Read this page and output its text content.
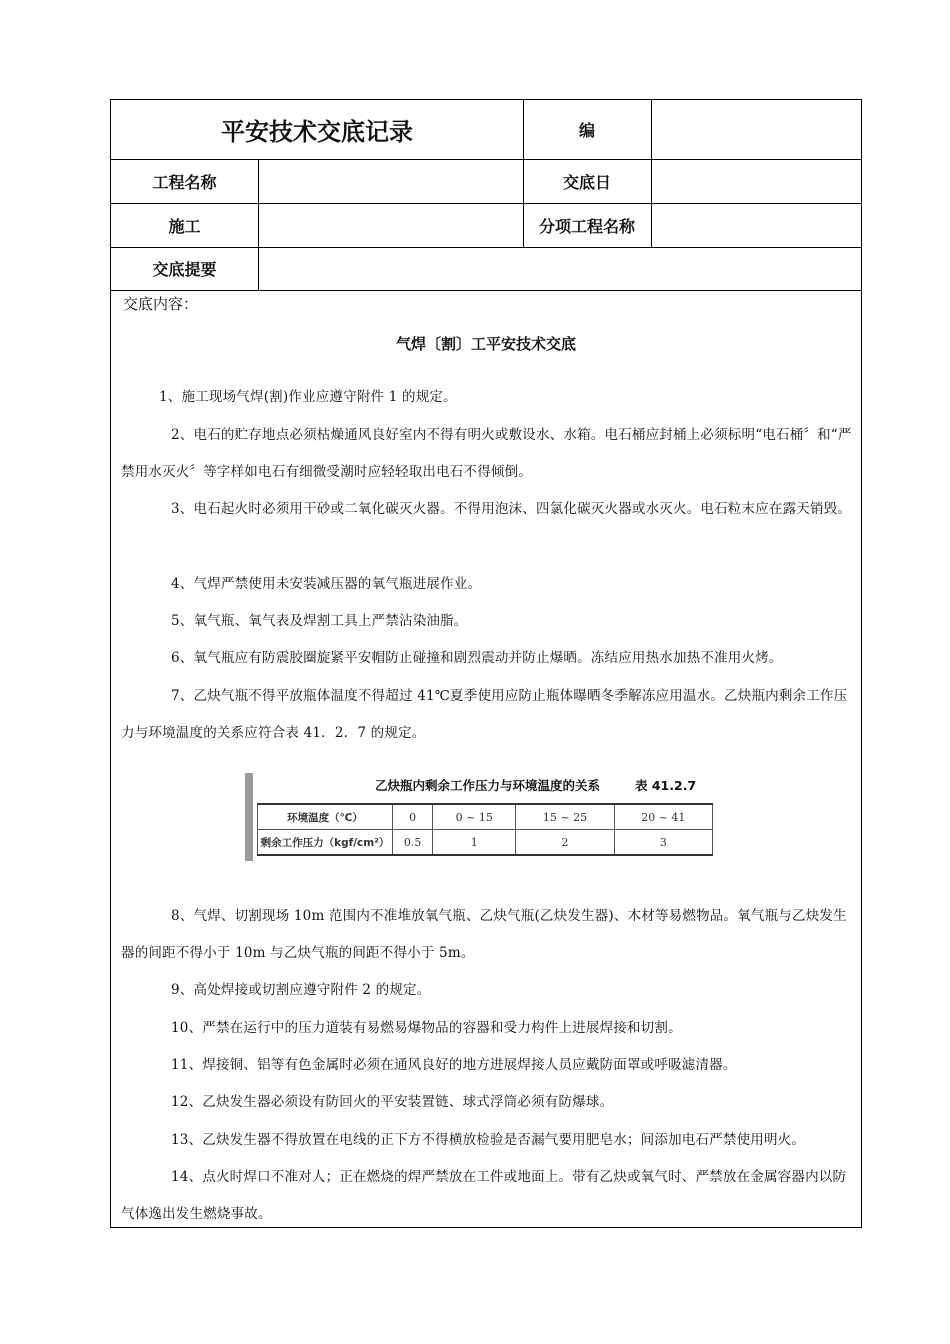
平安技术交底记录	编
工程名称	交底日
施工	分项工程名称
交底提要
交底内容：
气焊〔割〕工平安技术交底

1、施工现场气焊(割)作业应遵守附件 1 的规定。

2、电石的贮存地点必须枯燥通风良好室内不得有明火或敷设水、水箱。电石桶应封桶上必须标明“电石桶〞和“严禁用水灭火〞等字样如电石有细微受潮时应轻轻取出电石不得倾倒。

3、电石起火时必须用干砂或二氧化碳灭火器。不得用泡沫、四氯化碳灭火器或水灭火。电石粒末应在露天销毁。

4、气焊严禁使用未安装减压器的氧气瓶进展作业。

5、氧气瓶、氧气表及焊割工具上严禁沾染油脂。

6、氧气瓶应有防震胶圈旋紧平安帽防止碰撞和剧烈震动并防止爆晒。冻结应用热水加热不准用火烤。

7、乙炔气瓶不得平放瓶体温度不得超过 41℃夏季使用应防止瓶体曝晒冬季解冻应用温水。乙炔瓶内剩余工作压力与环境温度的关系应符合表 41．2．7 的规定。

乙炔瓶内剩余工作压力与环境温度的关系	表 41.2.7
环境温度（℃）	0	0 ~ 15	15 ~ 25	20 ~ 41
剩余工作压力（kgf/cm²）	0.5	1	2	3

8、气焊、切割现场 10m 范围内不准堆放氧气瓶、乙炔气瓶(乙炔发生器)、木材等易燃物品。氧气瓶与乙炔发生器的间距不得小于 10m 与乙炔气瓶的间距不得小于 5m。

9、高处焊接或切割应遵守附件 2 的规定。

10、严禁在运行中的压力道装有易燃易爆物品的容器和受力构件上进展焊接和切割。

11、焊接铜、铝等有色金属时必须在通风良好的地方进展焊接人员应戴防面罩或呼吸滤清器。

12、乙炔发生器必须设有防回火的平安装置链、球式浮筒必须有防爆球。

13、乙炔发生器不得放置在电线的正下方不得横放检验是否漏气要用肥皂水；间添加电石严禁使用明火。

14、点火时焊口不准对人；正在燃烧的焊严禁放在工件或地面上。带有乙炔或氧气时、严禁放在金属容器内以防气体逸出发生燃烧事故。
